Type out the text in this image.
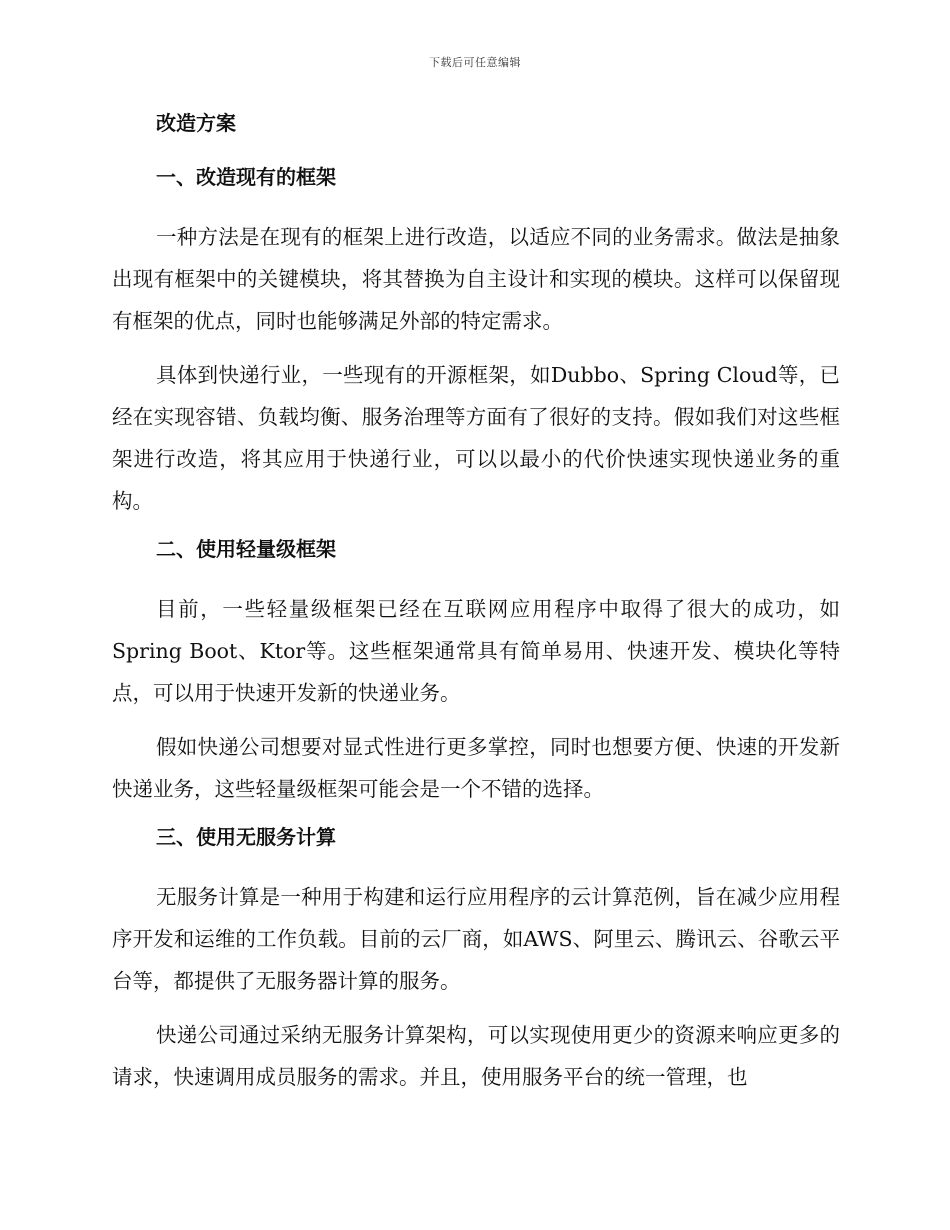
下载后可任意编辑
改造方案
一、改造现有的框架

一种方法是在现有的框架上进行改造，以适应不同的业务需求。做法是抽象出现有框架中的关键模块，将其替换为自主设计和实现的模块。这样可以保留现有框架的优点，同时也能够满足外部的特定需求。

具体到快递行业，一些现有的开源框架，如Dubbo、Spring Cloud等，已经在实现容错、负载均衡、服务治理等方面有了很好的支持。假如我们对这些框架进行改造，将其应用于快递行业，可以以最小的代价快速实现快递业务的重构。

二、使用轻量级框架

目前，一些轻量级框架已经在互联网应用程序中取得了很大的成功，如Spring Boot、Ktor等。这些框架通常具有简单易用、快速开发、模块化等特点，可以用于快速开发新的快递业务。

假如快递公司想要对显式性进行更多掌控，同时也想要方便、快速的开发新快递业务，这些轻量级框架可能会是一个不错的选择。

三、使用无服务计算

无服务计算是一种用于构建和运行应用程序的云计算范例，旨在减少应用程序开发和运维的工作负载。目前的云厂商，如AWS、阿里云、腾讯云、谷歌云平台等，都提供了无服务器计算的服务。

快递公司通过采纳无服务计算架构，可以实现使用更少的资源来响应更多的请求，快速调用成员服务的需求。并且，使用服务平台的统一管理，也
